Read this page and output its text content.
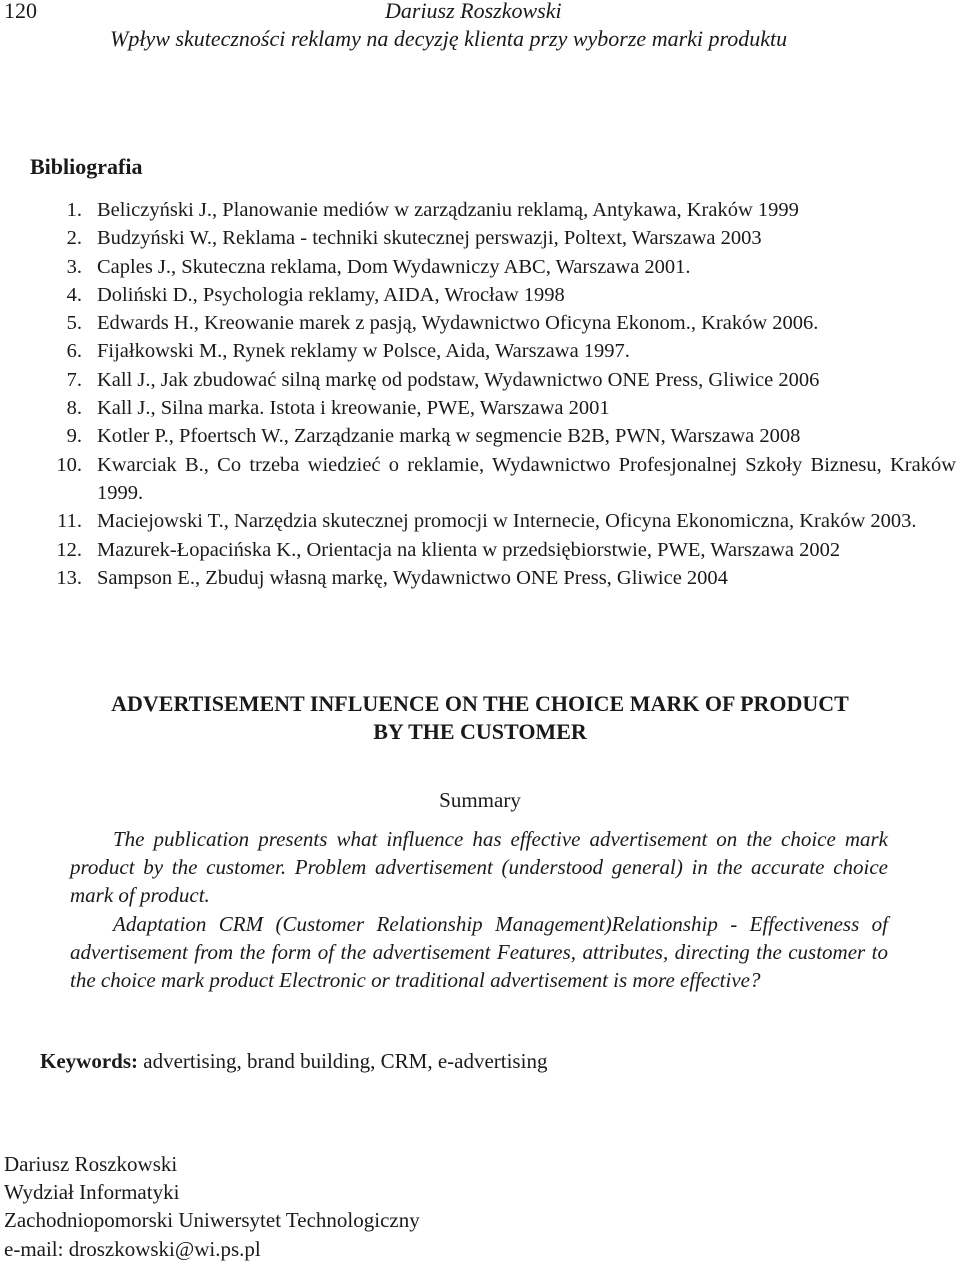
120	Dariusz Roszkowski
Wpływ skuteczności reklamy na decyzję klienta przy wyborze marki produktu
Bibliografia
1. Beliczyński J., Planowanie mediów w zarządzaniu reklamą, Antykawa, Kraków 1999
2. Budzyński W., Reklama - techniki skutecznej perswazji, Poltext, Warszawa 2003
3. Caples J., Skuteczna reklama, Dom Wydawniczy ABC, Warszawa 2001.
4. Doliński D., Psychologia reklamy, AIDA, Wrocław 1998
5. Edwards H., Kreowanie marek z pasją, Wydawnictwo Oficyna Ekonom., Kraków 2006.
6. Fijałkowski M., Rynek reklamy w Polsce, Aida, Warszawa 1997.
7. Kall J., Jak zbudować silną markę od podstaw, Wydawnictwo ONE Press, Gliwice 2006
8. Kall J., Silna marka. Istota i kreowanie, PWE, Warszawa 2001
9. Kotler P., Pfoertsch W., Zarządzanie marką w segmencie B2B, PWN, Warszawa 2008
10. Kwarciak B., Co trzeba wiedzieć o reklamie, Wydawnictwo Profesjonalnej Szkoły Biznesu, Kraków 1999.
11. Maciejowski T., Narzędzia skutecznej promocji w Internecie, Oficyna Ekonomiczna, Kraków 2003.
12. Mazurek-Łopacińska K., Orientacja na klienta w przedsiębiorstwie, PWE, Warszawa 2002
13. Sampson E., Zbuduj własną markę, Wydawnictwo ONE Press, Gliwice 2004
ADVERTISEMENT INFLUENCE ON THE CHOICE MARK OF PRODUCT
BY THE CUSTOMER
Summary

The publication presents what influence has effective advertisement on the choice mark product by the customer. Problem advertisement (understood general) in the accurate choice mark of product.

Adaptation CRM (Customer Relationship Management)Relationship - Effectiveness of advertisement from the form of the advertisement Features, attributes, directing the customer to the choice mark product Electronic or traditional advertisement is more effective?

Keywords: advertising, brand building, CRM, e-advertising
Dariusz Roszkowski
Wydział Informatyki
Zachodniopomorski Uniwersytet Technologiczny
e-mail: droszkowski@wi.ps.pl
